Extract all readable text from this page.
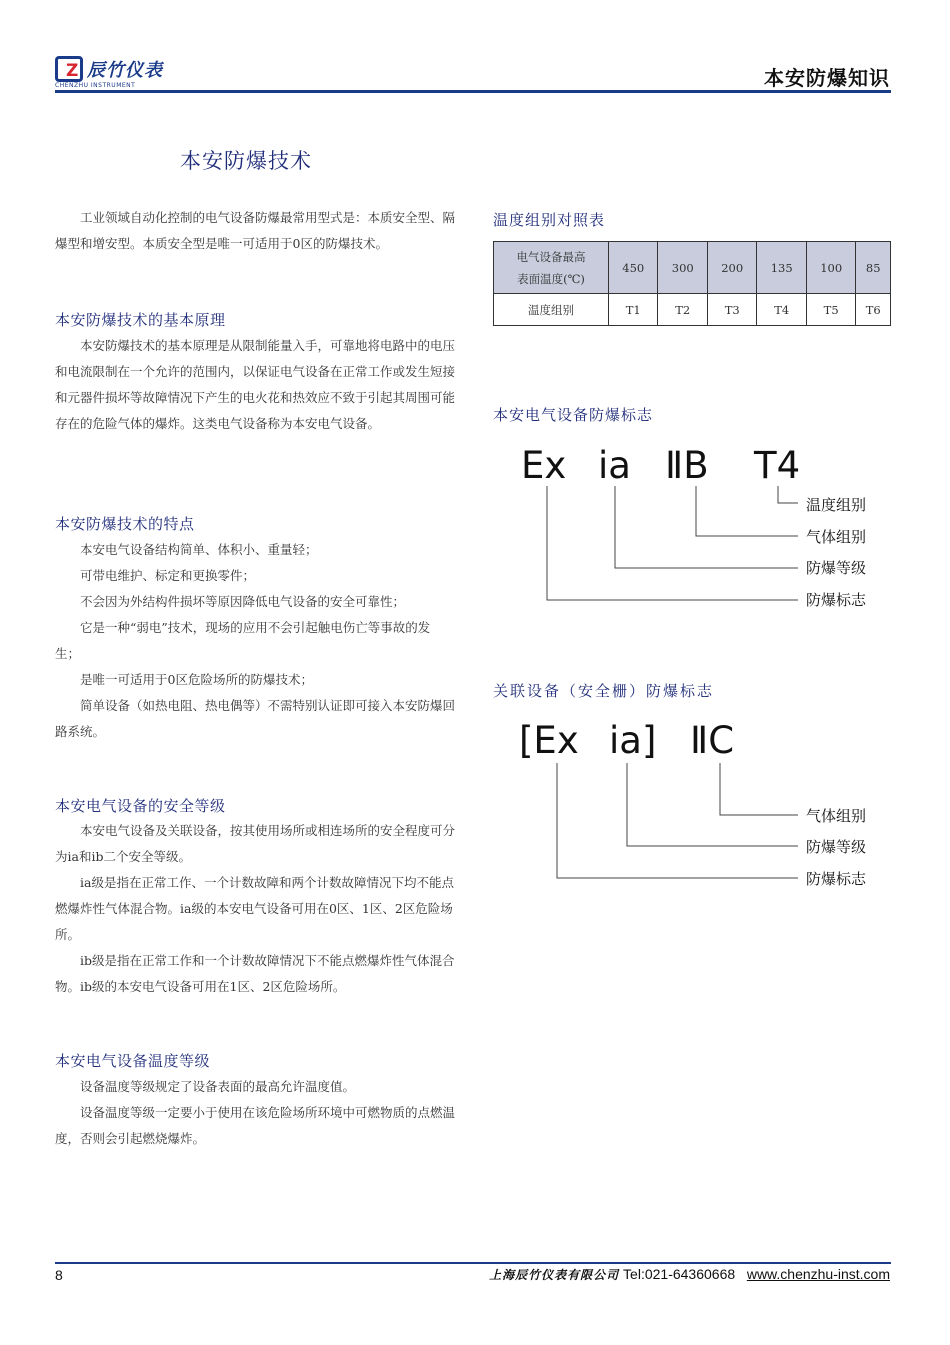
Z 辰竹仪表
CHENZHU INSTRUMENT	本安防爆知识
本安防爆技术

工业领域自动化控制的电气设备防爆最常用型式是：本质安全型、隔爆型和增安型。本质安全型是唯一可适用于0区的防爆技术。

本安防爆技术的基本原理

本安防爆技术的基本原理是从限制能量入手，可靠地将电路中的电压和电流限制在一个允许的范围内，以保证电气设备在正常工作或发生短接和元器件损坏等故障情况下产生的电火花和热效应不致于引起其周围可能存在的危险气体的爆炸。这类电气设备称为本安电气设备。

本安防爆技术的特点

本安电气设备结构简单、体积小、重量轻；

可带电维护、标定和更换零件；

不会因为外结构件损坏等原因降低电气设备的安全可靠性；

它是一种“弱电”技术，现场的应用不会引起触电伤亡等事故的发生；

是唯一可适用于0区危险场所的防爆技术；

简单设备（如热电阻、热电偶等）不需特别认证即可接入本安防爆回路系统。

本安电气设备的安全等级

本安电气设备及关联设备，按其使用场所或相连场所的安全程度可分为ia和ib二个安全等级。

ia级是指在正常工作、一个计数故障和两个计数故障情况下均不能点燃爆炸性气体混合物。ia级的本安电气设备可用在0区、1区、2区危险场所。

ib级是指在正常工作和一个计数故障情况下不能点燃爆炸性气体混合物。ib级的本安电气设备可用在1区、2区危险场所。

本安电气设备温度等级

设备温度等级规定了设备表面的最高允许温度值。

设备温度等级一定要小于使用在该危险场所环境中可燃物质的点燃温度，否则会引起燃烧爆炸。

温度组别对照表
电气设备最高
表面温度(℃)	450	300	200	135	100	85
温度组别	T1	T2	T3	T4	T5	T6
本安电气设备防爆标志
Ex ia ⅡB T4
温度组别
气体组别
防爆等级
防爆标志
关联设备（安全栅）防爆标志
[Ex ia] ⅡC
气体组别
防爆等级
防爆标志
8	上海辰竹仪表有限公司 Tel:021-64360668 www.chenzhu-inst.com
